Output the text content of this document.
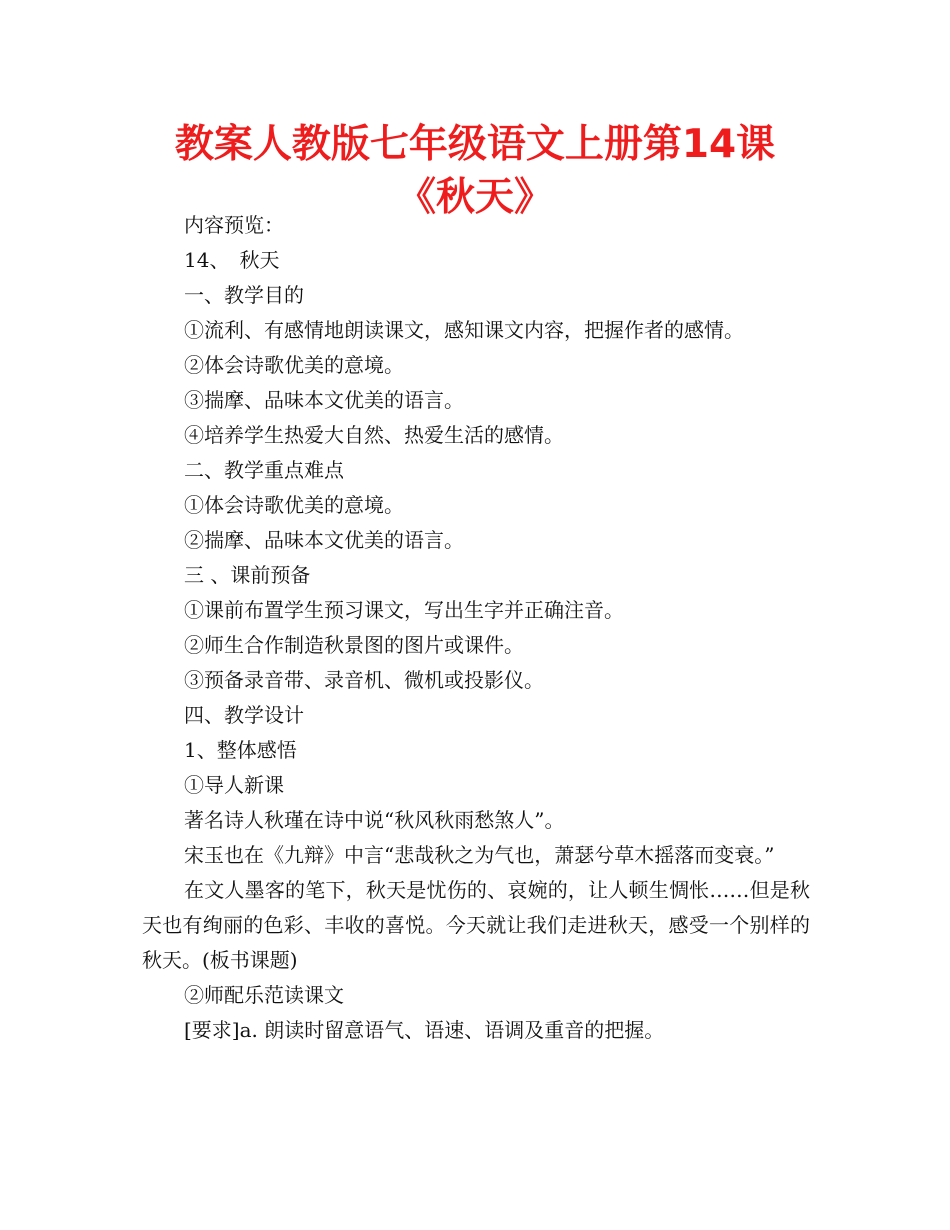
教案人教版七年级语文上册第14课《秋天》

内容预览：

14、　秋天

一、教学目的

①流利、有感情地朗读课文，感知课文内容，把握作者的感情。

②体会诗歌优美的意境。

③揣摩、品味本文优美的语言。

④培养学生热爱大自然、热爱生活的感情。

二、教学重点难点

①体会诗歌优美的意境。

②揣摩、品味本文优美的语言。

三 、课前预备

①课前布置学生预习课文，写出生字并正确注音。

②师生合作制造秋景图的图片或课件。

③预备录音带、录音机、微机或投影仪。

四、教学设计

1、整体感悟

①导人新课

著名诗人秋瑾在诗中说“秋风秋雨愁煞人”。

宋玉也在《九辩》中言“悲哉秋之为气也，萧瑟兮草木摇落而变衰。”

在文人墨客的笔下，秋天是忧伤的、哀婉的，让人顿生惆怅……但是秋天也有绚丽的色彩、丰收的喜悦。今天就让我们走进秋天，感受一个别样的秋天。(板书课题)

②师配乐范读课文

[要求]a. 朗读时留意语气、语速、语调及重音的把握。
